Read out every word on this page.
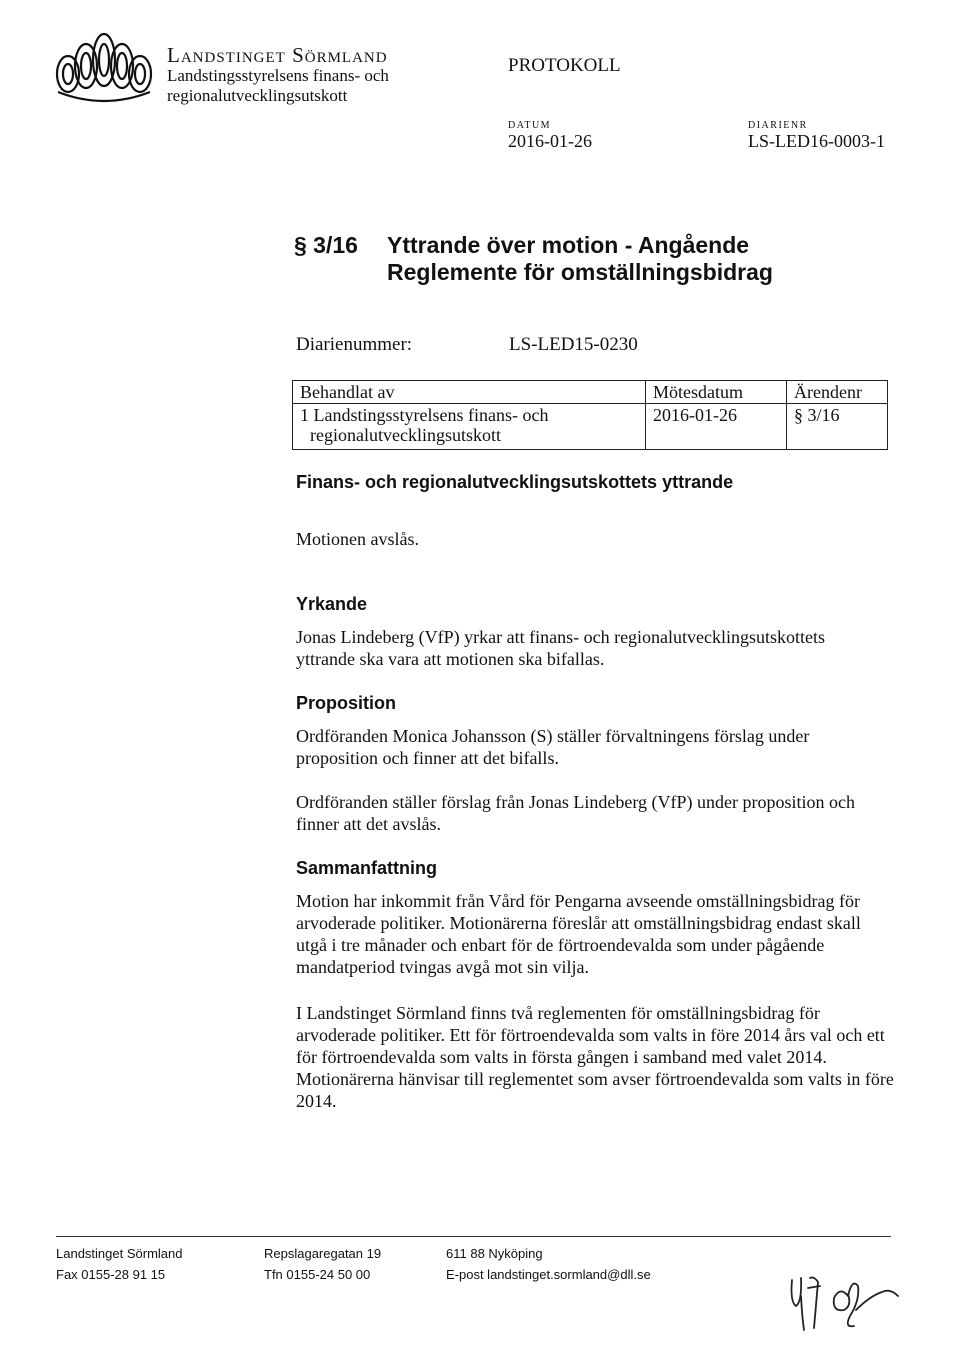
Landstinget Sörmland
Landstingsstyrelsens finans- och
regionalutvecklingsutskott
PROTOKOLL
DATUM
2016-01-26
DIARIENR
LS-LED16-0003-1
§ 3/16 Yttrande över motion - Angående
Reglemente för omställningsbidrag
Diarienummer:	LS-LED15-0230
Behandlat av	Mötesdatum	Ärendenr

1 Landstingsstyrelsens finans- och
regionalutvecklingsutskott	2016-01-26	§ 3/16
Finans- och regionalutvecklingsutskottets yttrande
Motionen avslås.
Yrkande
Jonas Lindeberg (VfP) yrkar att finans- och regionalutvecklingsutskottets yttrande ska vara att motionen ska bifallas.
Proposition
Ordföranden Monica Johansson (S) ställer förvaltningens förslag under proposition och finner att det bifalls.
Ordföranden ställer förslag från Jonas Lindeberg (VfP) under proposition och finner att det avslås.
Sammanfattning
Motion har inkommit från Vård för Pengarna avseende omställningsbidrag för arvoderade politiker. Motionärerna föreslår att omställningsbidrag endast skall utgå i tre månader och enbart för de förtroendevalda som under pågående mandatperiod tvingas avgå mot sin vilja.
I Landstinget Sörmland finns två reglementen för omställningsbidrag för arvoderade politiker. Ett för förtroendevalda som valts in före 2014 års val och ett för förtroendevalda som valts in första gången i samband med valet 2014. Motionärerna hänvisar till reglementet som avser förtroendevalda som valts in före 2014.
Landstinget Sörmland
Fax 0155-28 91 15
Repslagaregatan 19
Tfn 0155-24 50 00
611 88 Nyköping
E-post landstinget.sormland@dll.se
